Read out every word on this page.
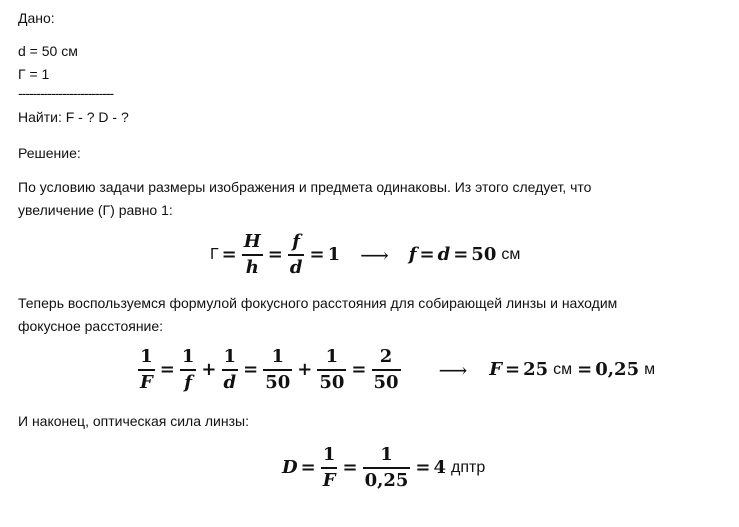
Дано:
d = 50 см
Г = 1
--------------------------
Найти: F - ? D - ?
Решение:
По условию задачи размеры изображения и предмета одинаковы. Из этого следует, что
увеличение (Г) равно 1:
$Г = \frac{H}{h} = \frac{f}{d} = 1$ ⟶ f = d = 50 см
Теперь воспользуемся формулой фокусного расстояния для собирающей линзы и находим
фокусное расстояние:
$\frac{1}{F} = \frac{1}{f} + \frac{1}{d} = \frac{1}{50} + \frac{1}{50} = \frac{2}{50}$ ⟶ F = 25 см = 0,25 м
И наконец, оптическая сила линзы:
$D = \frac{1}{F} = \frac{1}{0,25} = 4$ дптр
